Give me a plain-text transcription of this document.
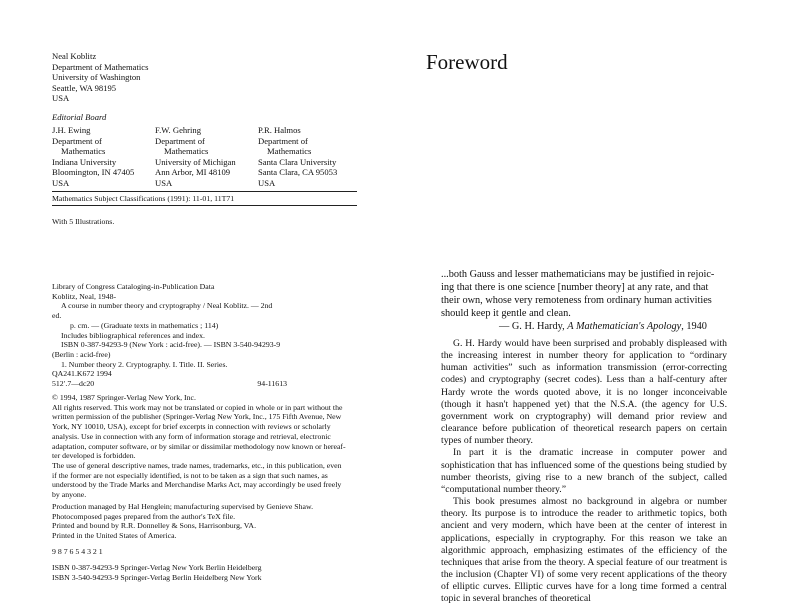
Neal Koblitz
Department of Mathematics
University of Washington
Seattle, WA 98195
USA
Editorial Board
J.H. Ewing
Department of
Mathematics
Indiana University
Bloomington, IN 47405
USA
F.W. Gehring
Department of
Mathematics
University of Michigan
Ann Arbor, MI 48109
USA
P.R. Halmos
Department of
Mathematics
Santa Clara University
Santa Clara, CA 95053
USA
Mathematics Subject Classifications (1991): 11-01, 11T71
With 5 Illustrations.
Library of Congress Cataloging-in-Publication Data
Koblitz, Neal, 1948-
A course in number theory and cryptography / Neal Koblitz. — 2nd
ed.
p. cm. — (Graduate texts in mathematics ; 114)
Includes bibliographical references and index.
ISBN 0-387-94293-9 (New York : acid-free). — ISBN 3-540-94293-9
(Berlin : acid-free)
1. Number theory 2. Cryptography. I. Title. II. Series.
QA241.K672 1994
512′.7—dc20	94-11613
© 1994, 1987 Springer-Verlag New York, Inc.
All rights reserved. This work may not be translated or copied in whole or in part without the
written permission of the publisher (Springer-Verlag New York, Inc., 175 Fifth Avenue, New
York, NY 10010, USA), except for brief excerpts in connection with reviews or scholarly
analysis. Use in connection with any form of information storage and retrieval, electronic
adaptation, computer software, or by similar or dissimilar methodology now known or hereaf-
ter developed is forbidden.
The use of general descriptive names, trade names, trademarks, etc., in this publication, even
if the former are not especially identified, is not to be taken as a sign that such names, as
understood by the Trade Marks and Merchandise Marks Act, may accordingly be used freely
by anyone.
Production managed by Hal Henglein; manufacturing supervised by Genieve Shaw.
Photocomposed pages prepared from the author's TeX file.
Printed and bound by R.R. Donnelley & Sons, Harrisonburg, VA.
Printed in the United States of America.
9 8 7 6 5 4 3 2 1
ISBN 0-387-94293-9 Springer-Verlag New York Berlin Heidelberg
ISBN 3-540-94293-9 Springer-Verlag Berlin Heidelberg New York
Foreword
...both Gauss and lesser mathematicians may be justified in rejoic-
ing that there is one science [number theory] at any rate, and that
their own, whose very remoteness from ordinary human activities
should keep it gentle and clean.
— G. H. Hardy, A Mathematician's Apology, 1940

G. H. Hardy would have been surprised and probably displeased with the increasing interest in number theory for application to “ordinary human activities” such as information transmission (error-correcting codes) and cryptography (secret codes). Less than a half-century after Hardy wrote the words quoted above, it is no longer inconceivable (though it hasn't happened yet) that the N.S.A. (the agency for U.S. government work on cryptography) will demand prior review and clearance before publication of theoretical research papers on certain types of number theory.

In part it is the dramatic increase in computer power and sophistication that has influenced some of the questions being studied by number theorists, giving rise to a new branch of the subject, called “computational number theory.”

This book presumes almost no background in algebra or number theory. Its purpose is to introduce the reader to arithmetic topics, both ancient and very modern, which have been at the center of interest in applications, especially in cryptography. For this reason we take an algorithmic approach, emphasizing estimates of the efficiency of the techniques that arise from the theory. A special feature of our treatment is the inclusion (Chapter VI) of some very recent applications of the theory of elliptic curves. Elliptic curves have for a long time formed a central topic in several branches of theoretical
